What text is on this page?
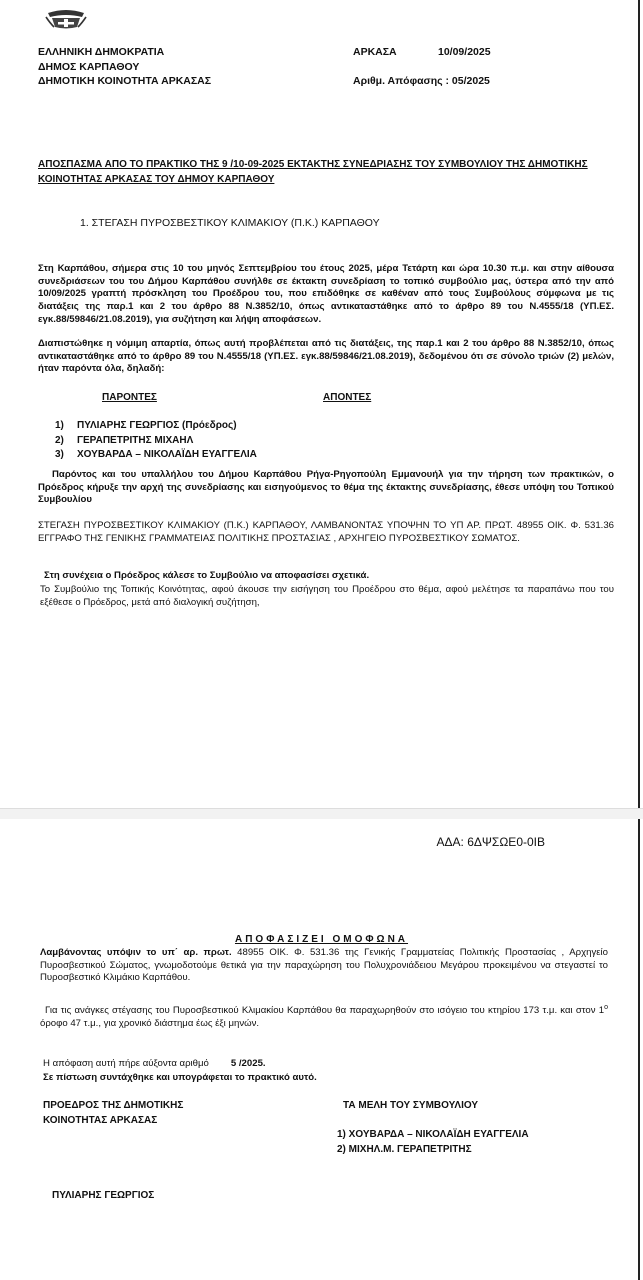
ΕΛΛΗΝΙΚΗ ΔΗΜΟΚΡΑΤΙΑ
ΔΗΜΟΣ ΚΑΡΠΑΘΟΥ
ΔΗΜΟΤΙΚΗ ΚΟΙΝΟΤΗΤΑ ΑΡΚΑΣΑΣ
ΑΡΚΑΣΑ	10/09/2025
Αριθμ. Απόφασης : 05/2025
ΑΠΟΣΠΑΣΜΑ ΑΠΟ ΤΟ ΠΡΑΚΤΙΚΟ ΤΗΣ 9 /10-09-2025 ΕΚΤΑΚΤΗΣ ΣΥΝΕΔΡΙΑΣΗΣ ΤΟΥ ΣΥΜΒΟΥΛΙΟΥ ΤΗΣ ΔΗΜΟΤΙΚΗΣ ΚΟΙΝΟΤΗΤΑΣ ΑΡΚΑΣΑΣ ΤΟΥ ΔΗΜΟΥ ΚΑΡΠΑΘΟΥ
1. ΣΤΕΓΑΣΗ ΠΥΡΟΣΒΕΣΤΙΚΟΥ ΚΛΙΜΑΚΙΟΥ (Π.Κ.) ΚΑΡΠΑΘΟΥ
Στη Καρπάθου, σήμερα στις 10 του μηνός Σεπτεμβρίου του έτους 2025, μέρα Τετάρτη και ώρα 10.30 π.μ. και στην αίθουσα συνεδριάσεων του του Δήμου Καρπάθου συνήλθε σε έκτακτη συνεδρίαση το τοπικό συμβούλιο μας, ύστερα από την από 10/09/2025 γραπτή πρόσκληση του Προέδρου του, που επιδόθηκε σε καθέναν από τους Συμβούλους σύμφωνα με τις διατάξεις της παρ.1 και 2 του άρθρο 88 Ν.3852/10, όπως αντικαταστάθηκε από το άρθρο 89 του Ν.4555/18 (ΥΠ.ΕΣ. εγκ.88/59846/21.08.2019), για συζήτηση και λήψη αποφάσεων.
Διαπιστώθηκε η νόμιμη απαρτία, όπως αυτή προβλέπεται από τις διατάξεις, της παρ.1 και 2 του άρθρο 88 Ν.3852/10, όπως αντικαταστάθηκε από το άρθρο 89 του Ν.4555/18 (ΥΠ.ΕΣ. εγκ.88/59846/21.08.2019), δεδομένου ότι σε σύνολο τριών (2) μελών, ήταν παρόντα όλα, δηλαδή:
ΠΑΡΟΝΤΕΣ	ΑΠΟΝΤΕΣ
1) ΠΥΛΙΑΡΗΣ ΓΕΩΡΓΙΟΣ (Πρόεδρος)
2) ΓΕΡΑΠΕΤΡΙΤΗΣ ΜΙΧΑΗΛ
3) ΧΟΥΒΑΡΔΑ – ΝΙΚΟΛΑΪΔΗ ΕΥΑΓΓΕΛΙΑ
Παρόντος και του υπαλλήλου του Δήμου Καρπάθου Ρήγα-Ρηγοπούλη Εμμανουήλ για την τήρηση των πρακτικών, ο Πρόεδρος κήρυξε την αρχή της συνεδρίασης και εισηγούμενος το θέμα της έκτακτης συνεδρίασης, έθεσε υπόψη του Τοπικού Συμβουλίου
ΣΤΕΓΑΣΗ ΠΥΡΟΣΒΕΣΤΙΚΟΥ ΚΛΙΜΑΚΙΟΥ (Π.Κ.) ΚΑΡΠΑΘΟΥ, ΛΑΜΒΑΝΟΝΤΑΣ ΥΠΟΨΗΝ ΤΟ ΥΠ ΑΡ. ΠΡΩΤ. 48955 ΟΙΚ. Φ. 531.36 ΕΓΓΡΑΦΟ ΤΗΣ ΓΕΝΙΚΗΣ ΓΡΑΜΜΑΤΕΙΑΣ ΠΟΛΙΤΙΚΗΣ ΠΡΟΣΤΑΣΙΑΣ , ΑΡΧΗΓΕΙΟ ΠΥΡΟΣΒΕΣΤΙΚΟΥ ΣΩΜΑΤΟΣ.
Στη συνέχεια ο Πρόεδρος κάλεσε το Συμβούλιο να αποφασίσει σχετικά.
Το Συμβούλιο της Τοπικής Κοινότητας, αφού άκουσε την εισήγηση του Προέδρου στο θέμα, αφού μελέτησε τα παραπάνω που του εξέθεσε ο Πρόεδρος, μετά από διαλογική συζήτηση,
ΑΔΑ: 6ΔΨΣΩΕ0-0ΙΒ
ΑΠΟΦΑΣΙΖΕΙ ΟΜΟΦΩΝΑ
Λαμβάνοντας υπόψιν το υπ΄ αρ. πρωτ. 48955 ΟΙΚ. Φ. 531.36 της Γενικής Γραμματείας Πολιτικής Προστασίας , Αρχηγείο Πυροσβεστικού Σώματος, γνωμοδοτούμε θετικά για την παραχώρηση του Πολυχρονιάδειου Μεγάρου προκειμένου να στεγαστεί το Πυροσβεστικό Κλιμάκιο Καρπάθου.
Για τις ανάγκες στέγασης του Πυροσβεστικού Κλιμακίου Καρπάθου θα παραχωρηθούν στο ισόγειο του κτηρίου 173 τ.μ. και στον $1^o$ όροφο 47 τ.μ., για χρονικό διάστημα έως έξι μηνών.
Η απόφαση αυτή πήρε αύξοντα αριθμό 5 /2025.
Σε πίστωση συντάχθηκε και υπογράφεται το πρακτικό αυτό.
ΠΡΟΕΔΡΟΣ ΤΗΣ ΔΗΜΟΤΙΚΗΣ
ΚΟΙΝΟΤΗΤΑΣ ΑΡΚΑΣΑΣ
ΤΑ ΜΕΛΗ ΤΟΥ ΣΥΜΒΟΥΛΙΟΥ
1) ΧΟΥΒΑΡΔΑ – ΝΙΚΟΛΑΪΔΗ ΕΥΑΓΓΕΛΙΑ
2) ΜΙΧΗΛ.Μ. ΓΕΡΑΠΕΤΡΙΤΗΣ
ΠΥΛΙΑΡΗΣ ΓΕΩΡΓΙΟΣ
